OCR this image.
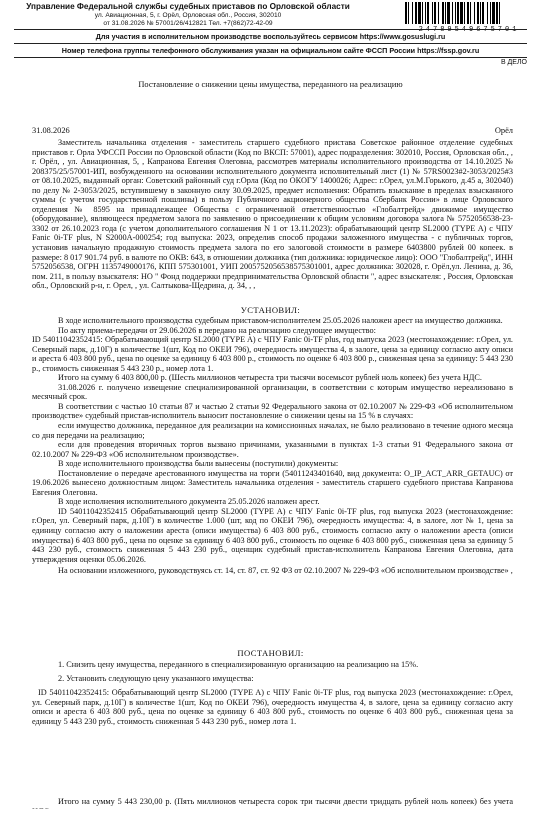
Управление Федеральной службы судебных приставов по Орловской области
ул. Авиационная, 5, г. Орёл, Орловская обл., Россия, 302010
от 31.08.2026 № 57001/26/412821 Тел. +7(862)72-42-09
24789549675701
Для участия в исполнительном производстве воспользуйтесь сервисом https://www.gosuslugi.ru
Номер телефона группы телефонного обслуживания указан на официальном сайте ФССП России https://fssp.gov.ru
В ДЕЛО
Постановление о снижении цены имущества, переданного на реализацию
31.08.2026	Орёл

Заместитель начальника отделения - заместитель старшего судебного пристава Советское районное отделение судебных приставов г. Орла УФССП России по Орловской области (Код по ВКСП: 57001), адрес подразделения: 302010, Россия, Орловская обл., , г. Орёл, , ул. Авиационная, 5, , Капранова Евгения Олеговна, рассмотрев материалы исполнительного производства от 14.10.2025 № 208375/25/57001-ИП, возбужденного на основании исполнительного документа исполнительный лист (1) № 57RS0023#2-3053/2025#3 от 08.10.2025, выданный орган: Советский районный суд г.Орла (Код по ОКОГУ 1400026; Адрес: г.Орел, ул.М.Горького, д.45 а, 302040) по делу № 2-3053/2025, вступившему в законную силу 30.09.2025, предмет исполнения: Обратить взыскание в пределах взысканного суммы (с учетом государственной пошлины) в пользу Публичного акционерного общества Сбербанк России» в лице Орловского отделения № 8595 на принадлежащее Общества с ограниченной ответственностью «Глобалтрейд» движимое имущество (оборудование), являющееся предметом залога по заявлению о присоединении к общим условиям договора залога № 5752056538-23-3302 от 26.10.2023 года (с учетом дополнительного соглашения N 1 от 13.11.2023): обрабатывающий центр SL2000 (TYPE A) с ЧПУ Fanic 0i-TF plus, N S2000A-000254; год выпуска: 2023, определив способ продажи заложенного имущества - с публичных торгов, установив начальную продажную стоимость предмета залога по его залоговой стоимости в размере 6403800 рублей 00 копеек. в размере: 8 017 901.74 руб. в валюте по ОКВ: 643, в отношении должника (тип должника: юридическое лицо): ООО "Глобалтрейд", ИНН 5752056538, ОГРН 1135749000176, КПП 575301001, УИП 2005752056538575301001, адрес должника: 302028, г. Орёл,ул. Ленина, д. 36, пом. 211, в пользу взыскателя: НО " Фонд поддержки предпринимательства Орловской области ", адрес взыскателя: , Россия, Орловская обл., Орловский р-н, г. Орел, , ул. Салтыкова-Щедрина, д. 34, , ,

УСТАНОВИЛ:

В ходе исполнительного производства судебным приставом-исполнителем 25.05.2026 наложен арест на имущество должника.

По акту приема-передачи от 29.06.2026 в передано на реализацию следующее имущество:

ID 54011042352415: Обрабатывающий центр SL2000 (TYPE A) с ЧПУ Fanic 0i-TF plus, год выпуска 2023 (местонахождение: г.Орел, ул. Северный парк, д.10Г) в количестве 1(шт, Код по ОКЕИ 796), очередность имущества 4, в залоге, цена за единицу согласно акту описи и ареста 6 403 800 руб., цена по оценке за единицу 6 403 800 р., стоимость по оценке 6 403 800 р., сниженная цена за единицу: 5 443 230 р., стоимость сниженная 5 443 230 р., номер лота 1.

Итого на сумму 6 403 800,00 р. (Шесть миллионов четыреста три тысячи восемьсот рублей ноль копеек) без учета НДС.

31.08.2026 г. получено извещение специализированной организации, в соответствии с которым имущество нереализовано в месячный срок.

В соответствии с частью 10 статьи 87 и частью 2 статьи 92 Федерального закона от 02.10.2007 № 229-ФЗ «Об исполнительном производстве» судебный пристав-исполнитель выносит постановление о снижении цены на 15 % в случаях:

если имущество должника, переданное для реализации на комиссионных началах, не было реализовано в течение одного месяца со дня передачи на реализацию;

если для проведения вторичных торгов вызвано причинами, указанными в пунктах 1-3 статьи 91 Федерального закона от 02.10.2007 № 229-ФЗ «Об исполнительном производстве».

В ходе исполнительного производства были вынесены (поступили) документы:

Постановление о передаче арестованного имущества на торги (54011243401640, вид документа: O_IP_ACT_ARR_GETAUC) от 19.06.2026 вынесено должностным лицом: Заместитель начальника отделения - заместитель старшего судебного пристава Капранова Евгения Олеговна.

В ходе исполнения исполнительного документа 25.05.2026 наложен арест.

ID 54011042352415 Обрабатывающий центр SL2000 (TYPE A) с ЧПУ Fanic 0i-TF plus, год выпуска 2023 (местонахождение: г.Орел, ул. Северный парк, д.10Г) в количестве 1.000 (шт, код по ОКЕИ 796), очередность имущества: 4, в залоге, лот № 1, цена за единицу согласно акту о наложении ареста (описи имущества) 6 403 800 руб., стоимость согласно акту о наложении ареста (описи имущества) 6 403 800 руб., цена по оценке за единицу 6 403 800 руб., стоимость по оценке 6 403 800 руб., сниженная цена за единицу 5 443 230 руб., стоимость сниженная 5 443 230 руб., оценщик судебный пристав-исполнитель Капранова Евгения Олеговна, дата утверждения оценки 05.06.2026.

На основании изложенного, руководствуясь ст. 14, ст. 87, ст. 92 ФЗ от 02.10.2007 № 229-ФЗ «Об исполнительном производстве» ,

ПОСТАНОВИЛ:

1. Снизить цену имущества, переданного в специализированную организацию на реализацию на 15%.

2. Установить следующую цену указанного имущества:

ID 54011042352415: Обрабатывающий центр SL2000 (TYPE A) с ЧПУ Fanic 0i-TF plus, год выпуска 2023 (местонахождение: г.Орел, ул. Северный парк, д.10Г) в количестве 1(шт, Код по ОКЕИ 796), очередность имущества 4, в залоге, цена за единицу согласно акту описи и ареста 6 403 800 руб., цена по оценке за единицу 6 403 800 руб., стоимость по оценке 6 403 800 руб., сниженная цена за единицу 5 443 230 руб., стоимость сниженная 5 443 230 руб., номер лота 1.

Итого на сумму 5 443 230,00 р. (Пять миллионов четыреста сорок три тысячи двести тридцать рублей ноль копеек) без учета
